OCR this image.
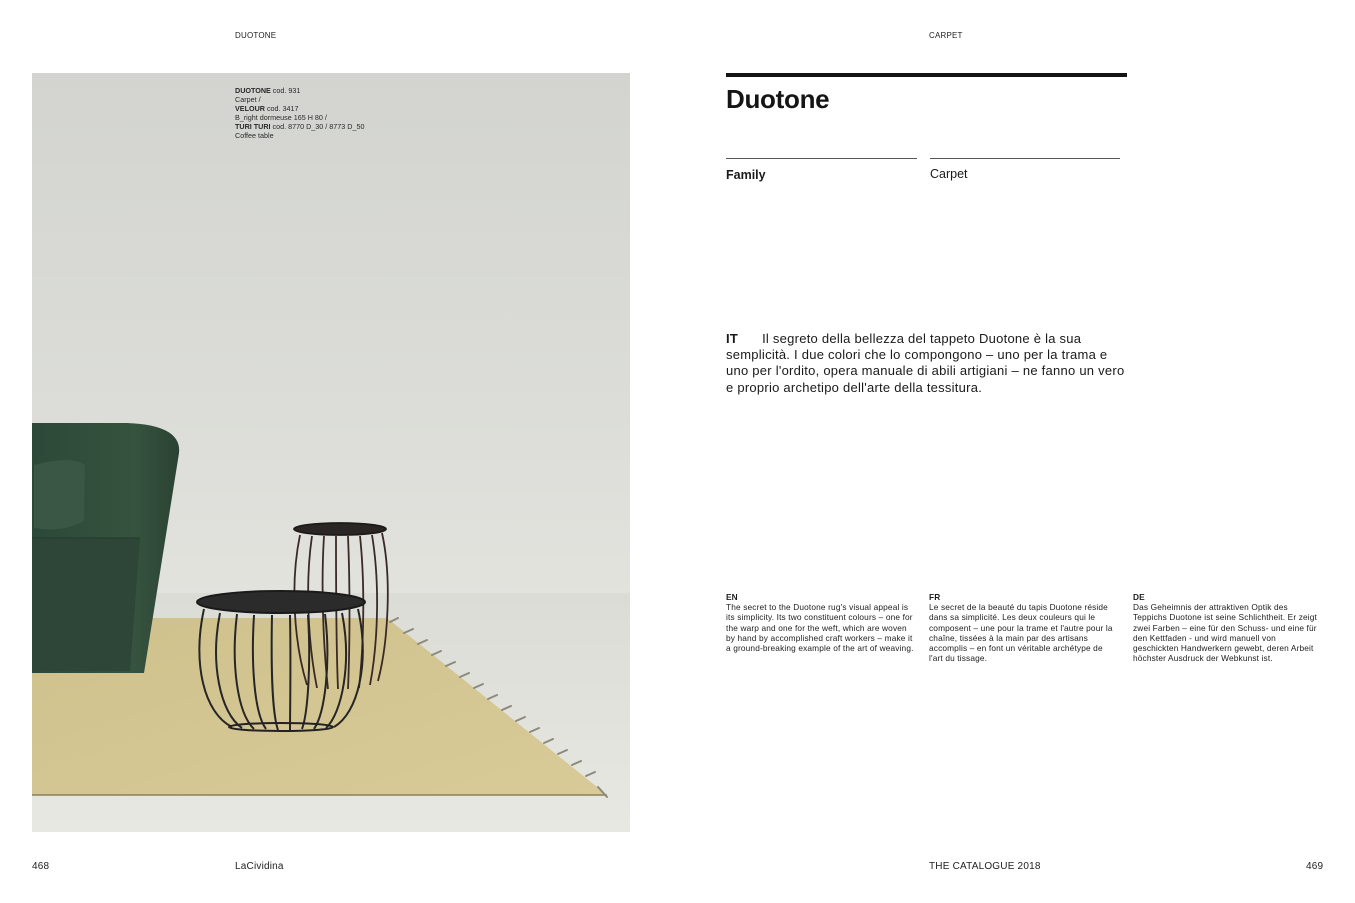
DUOTONE	CARPET
DUOTONE cod. 931
Carpet /
VELOUR cod. 3417
B_right dormeuse 165 H 80 /
TURI TURI cod. 8770 D_30 / 8773 D_50
Coffee table
Duotone
Family	Carpet
IT Il segreto della bellezza del tappeto Duotone è la sua semplicità. I due colori che lo compongono – uno per la trama e uno per l'ordito, opera manuale di abili artigiani – ne fanno un vero e proprio archetipo dell'arte della tessitura.
EN
The secret to the Duotone rug's visual appeal is its simplicity. Its two constituent colours – one for the warp and one for the weft, which are woven by hand by accomplished craft workers – make it a ground-breaking example of the art of weaving.
FR
Le secret de la beauté du tapis Duotone réside dans sa simplicité. Les deux couleurs qui le composent – une pour la trame et l'autre pour la chaîne, tissées à la main par des artisans accomplis – en font un véritable archétype de l'art du tissage.
DE
Das Geheimnis der attraktiven Optik des Teppichs Duotone ist seine Schlichtheit. Er zeigt zwei Farben – eine für den Schuss- und eine für den Kettfaden - und wird manuell von geschickten Handwerkern gewebt, deren Arbeit höchster Ausdruck der Webkunst ist.
468	LaCividina	THE CATALOGUE 2018	469
